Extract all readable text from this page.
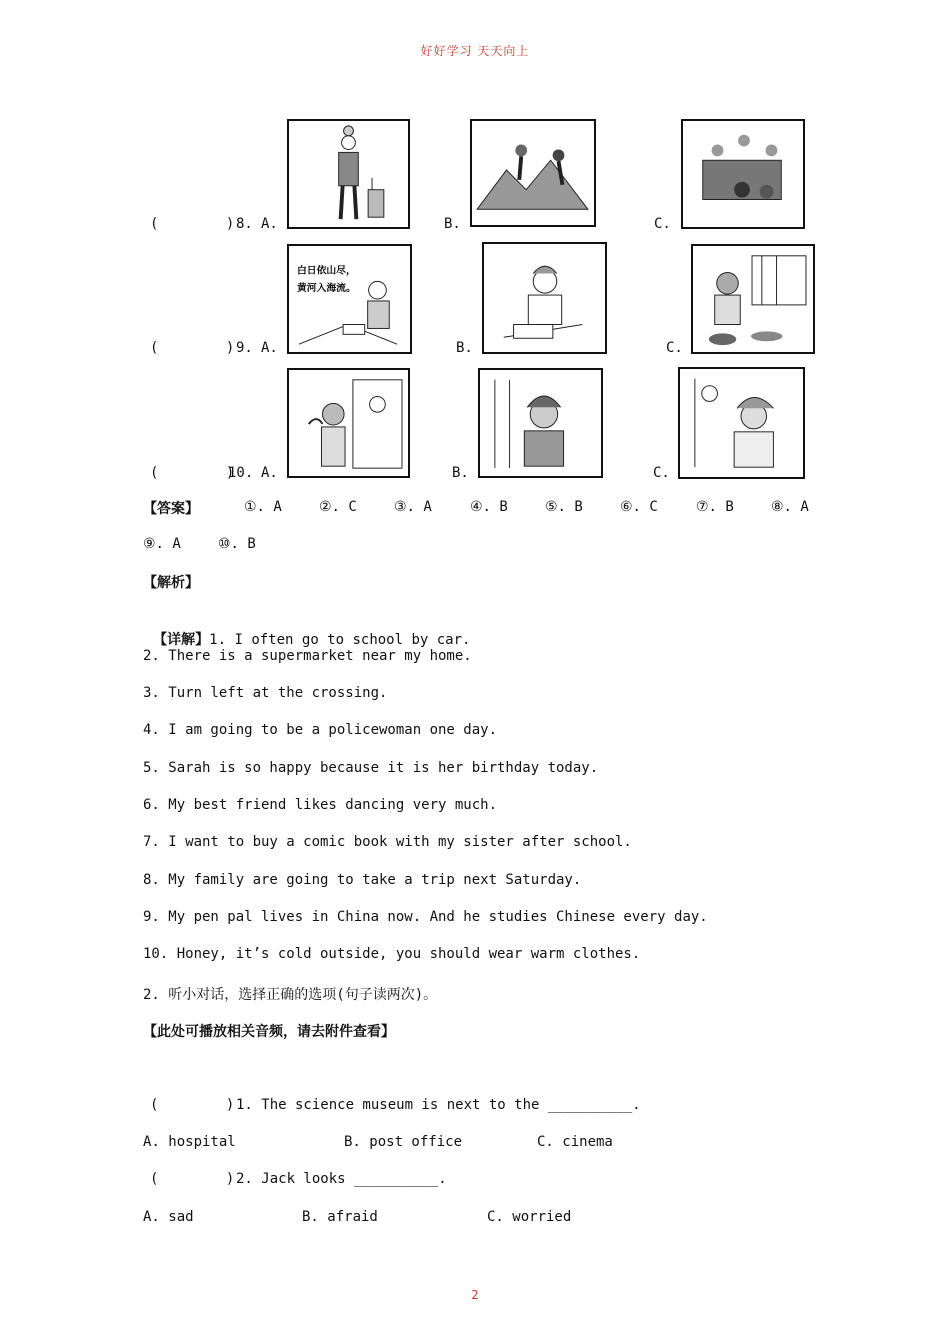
好好学习 天天向上
(        ) 8. A.	B.	C.
(        ) 9. A.
白日依山尽，
黄河入海流。
B.	C.
(        )
10. A.	B.	C.
【答案】	①. A	②. C	③. A	④. B	⑤. B	⑥. C	⑦. B	⑧. A
⑨. A	⑩. B
【解析】

【详解】1. I often go to school by car.

2. There is a supermarket near my home.
3. Turn left at the crossing.
4. I am going to be a policewoman one day.
5. Sarah is so happy because it is her birthday today.
6. My best friend likes dancing very much.
7. I want to buy a comic book with my sister after school.
8. My family are going to take a trip next Saturday.
9. My pen pal lives in China now. And he studies Chinese every day.
10. Honey, it’s cold outside, you should wear warm clothes.
2. 听小对话，选择正确的选项(句子读两次)。
【此处可播放相关音频，请去附件查看】
(        ) 1. The science museum is next to the __________.
A. hospital	B. post office	C. cinema
(        ) 2. Jack looks __________.
A. sad	B. afraid	C. worried
2
